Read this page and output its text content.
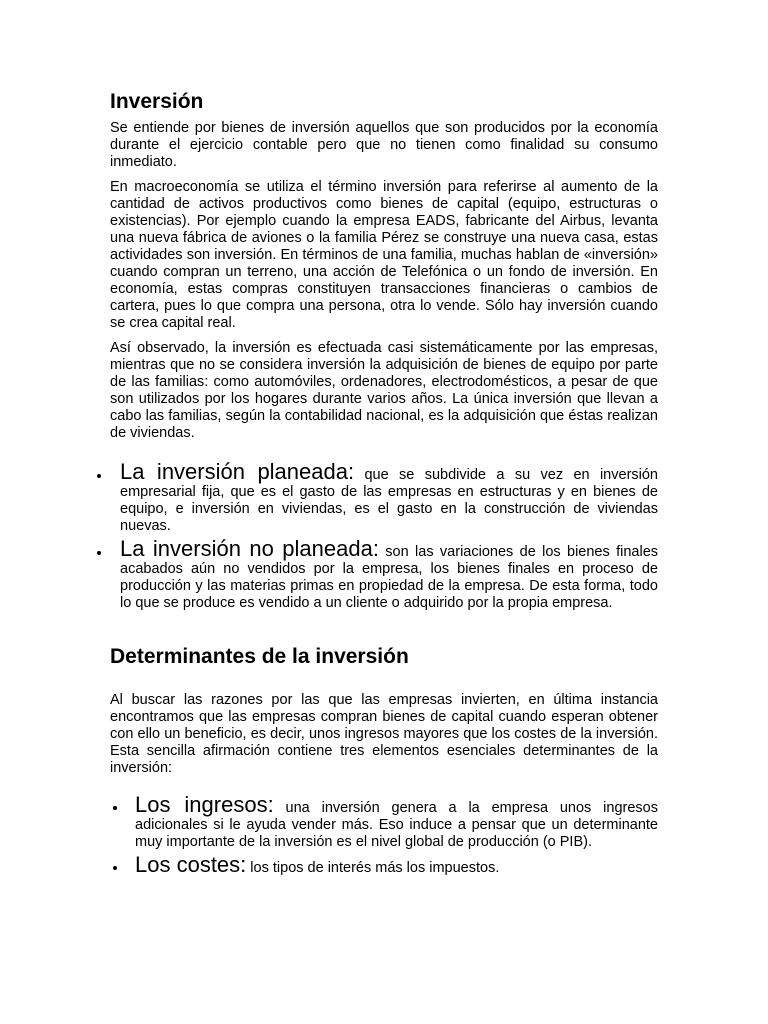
Inversión

Se entiende por bienes de inversión aquellos que son producidos por la economía durante el ejercicio contable pero que no tienen como finalidad su consumo inmediato.

En macroeconomía se utiliza el término inversión para referirse al aumento de la cantidad de activos productivos como bienes de capital (equipo, estructuras o existencias). Por ejemplo cuando la empresa EADS, fabricante del Airbus, levanta una nueva fábrica de aviones o la familia Pérez se construye una nueva casa, estas actividades son inversión. En términos de una familia, muchas hablan de «inversión» cuando compran un terreno, una acción de Telefónica o un fondo de inversión. En economía, estas compras constituyen transacciones financieras o cambios de cartera, pues lo que compra una persona, otra lo vende. Sólo hay inversión cuando se crea capital real.

Así observado, la inversión es efectuada casi sistemáticamente por las empresas, mientras que no se considera inversión la adquisición de bienes de equipo por parte de las familias: como automóviles, ordenadores, electrodomésticos, a pesar de que son utilizados por los hogares durante varios años. La única inversión que llevan a cabo las familias, según la contabilidad nacional, es la adquisición que éstas realizan de viviendas.

La inversión planeada: que se subdivide a su vez en inversión empresarial fija, que es el gasto de las empresas en estructuras y en bienes de equipo, e inversión en viviendas, es el gasto en la construcción de viviendas nuevas.
La inversión no planeada: son las variaciones de los bienes finales acabados aún no vendidos por la empresa, los bienes finales en proceso de producción y las materias primas en propiedad de la empresa. De esta forma, todo lo que se produce es vendido a un cliente o adquirido por la propia empresa.
Determinantes de la inversión

Al buscar las razones por las que las empresas invierten, en última instancia encontramos que las empresas compran bienes de capital cuando esperan obtener con ello un beneficio, es decir, unos ingresos mayores que los costes de la inversión. Esta sencilla afirmación contiene tres elementos esenciales determinantes de la inversión:

Los ingresos: una inversión genera a la empresa unos ingresos adicionales si le ayuda vender más. Eso induce a pensar que un determinante muy importante de la inversión es el nivel global de producción (o PIB).
Los costes: los tipos de interés más los impuestos.
